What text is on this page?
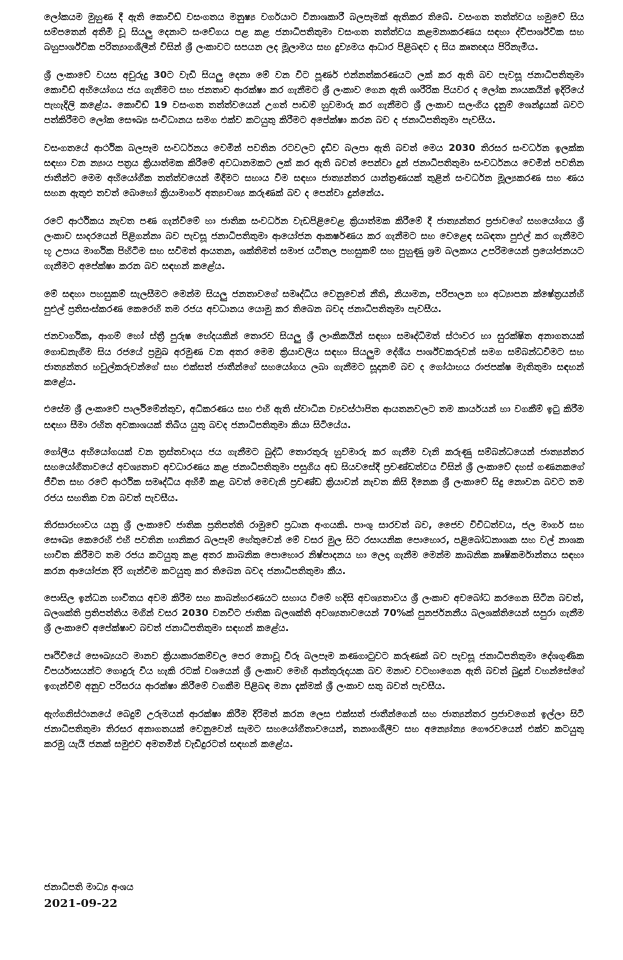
ලෝකයම මුහුණ දී ඇති කොවිඩ් වසංගතය මනුෂ්‍ය වර්ගයාට විනාශකාරී බලපෑමක් ඇතිකර තිබේ. වසංගත තත්ත්වය හමුවේ සිය සම්පතෙන් අතිමි වූ සියලු දෙනාට සංවේගය පළ කළ ජනාධිපතිතුමා වසංගත තත්ත්වය කළමනාකරණය සඳහා ද්විපාර්ශ්වික සහ බහුපාර්ශ්වික පරිත්‍යාගශීලීන් විසින් ශ්‍රී ලංකාවට සපයන ලද මූලාමය සහ දුව්‍යමය ආධාර පිළිබඳව ද සිය කෘතඥය පිරිනැමීය.

ශ්‍රී ලංකාවේ වයස අවුරුදු 30ට වැඩි සියලු දෙනා මේ වන විට පූර්ණ එන්නත්කරණයට ලක් කර ඇති බව පැවසූ ජනාධිපතිතුමා කොවිඩ් අභියෝගය ජය ගැනීමට සහ ජනතාව ආරක්ෂා කර ගැනීමට ශ්‍රී ලංකාව ගෙන ඇති ශාරීරික පියවර ද ලෝක නායකයින් ඉදිරියේ පැහැදිලි කළේය. කොවිඩ් 19 වසංගත තත්ත්වයෙන් උගත් පාඩම් හුවමාරු කර ගැනීමට ශ්‍රී ලංකාව සලංගිය දැනුම් ශෙන්ද්‍රයක් බවට පත්කිරීමට ලෝක සෞඛ්‍ය සංවිධානය සමග එක්ව කටයුතු කිරීමට අපේක්ෂා කරන බව ද ජනාධිපතිතුමා පැවසීය.

වසංගතයේ ආර්ථික බලපෑම සංවර්ධනය වෙමින් පවතින රටවලට දැඩිව බලපා ඇති බවත් මෙය 2030 තිරසර සංවර්ධන ඉලක්ක සඳහා වන න්‍යාය පත්‍රය ක්‍රියාත්මක කිරීමේ අවධානමකට ලක් කර ඇති බවත් පෙන්වා දුන් ජනාධිපතිතුමා සංවර්ධනය වෙමින් පවතින ජාතීන්ට මෙම අභියෝගීක තත්ත්වයෙන් මිදීමට සහාය වීම සඳහා ජාත්‍යන්තර යාන්ත්‍රණයක් තුළින් සංවර්ධන මූල්‍යකරණ සහ ණය සහන ඇතුළු තවත් බොහෝ ක්‍රියාමාර්ග අත්‍යාවශ්‍ය කරුණක් බව ද පෙන්වා දුන්නේය.

රටේ ආර්ථිකය නැවත පණ ගැන්වීමේ හා ජාතික සංවර්ධන වැඩපිළිවෙළ ක්‍රියාත්මක කිරීමේ දී ජාත්‍යන්තර ප්‍රජාවගේ සහයෝගය ශ්‍රී ලංකාව සාදරයෙන් පිළිගන්නා බව පැවසූ ජනාධිපතිතුමා ආයෝජන ආකර්ෂණය කර ගැනීමට සහ වෙළෙඳ සබඳතා පුළුල් කර ගැනීමට භූ උපාය මාර්ගික පිහිටීම සහ සවිමත් ආයතන, ශක්තිමත් සමාජ යටිතල පහසුකම් සහ පුහුණු ශ්‍රම බලකාය උපරිමයෙන් ප්‍රයෝජනයට ගැනීමට අපේක්ෂා කරන බව සඳහන් කළේය.

මේ සඳහා පහසුකම් සැලසීමට මෙන්ම සියලු ජනතාවගේ සමෘද්ධිය වෙනුවෙන් නීති, නියාමන, පරිපාලන හා අධ්‍යාපන ක්ෂේත්‍රයන්හි පුළුල් ප්‍රතිසංස්කරණ කෙරෙහි තම රජය අවධානය යොමු කර තිබෙන බවද ජනාධිපතිතුමා පැවසීය.

ජනවාර්ගික, ආගම් හෝ ස්ත්‍රී පුරුෂ භේදයකින් තොරව සියලු ශ්‍රී ලාංකිකයින් සඳහා සමෘද්ධිමත් ස්ථාවර හා සුරක්ෂිත අනාගතයක් ගොඩනැගීම සිය රජයේ ප්‍රමුඛ අරමුණ වන අතර මෙම ක්‍රියාවලිය සඳහා සියලුම දේශීය පාර්ශ්වකරුවන් සමග සම්බන්ධවීමට සහ ජාත්‍යන්තර හවුල්කරුවන්ගේ සහ එක්සත් ජාතීන්ගේ සහයෝගය ලබා ගැනීමට සූදානම් බව ද ගෝඨාභය රාජපක්ෂ මැතිතුමා සඳහන් කළේය.

එසේම ශ්‍රී ලංකාවේ පාර්ලිමේන්තුව, අධිකරණය සහ එහි ඇති ස්වාධීන ව්‍යවස්ථාපිත ආයතනවලට තම කාර්යයන් හා වගකීම් ඉටු කිරීම සඳහා සීමා රහිත අවකාශයක් තිබිය යුතු බවද ජනාධිපතිතුමා කියා සිටියේය.

ගෝලීය අභියෝගයක් වන ත්‍රස්තවාදය ජය ගැනීමට බුද්ධි තොරතුරු හුවමාරු කර ගැනීම වැනි කරුණු සම්බන්ධයෙන් ජාත්‍යන්තර සහයෝගීතාවයේ අවශ්‍යතාව අවධාරණය කළ ජනාධිපතිතුමා පසුගිය අඩ සියවසේදී ප්‍රචණ්ඩත්වය විසින් ශ්‍රී ලංකාවේ දහස් ගණනකගේ ජීවිත සහ රටේ ආර්ථික සමෘද්ධිය අහිමි කළ බවත් මෙවැනි ප්‍රචණ්ඩ ක්‍රියාවන් නැවත කිසි දිනෙක ශ්‍රී ලංකාවේ සිදු නොවන බවට තම රජය සහතික වන බවත් පැවසීය.

තිරසාරභාවය යනු ශ්‍රී ලංකාවේ ජාතික ප්‍රතිපත්ති රාමුවේ ප්‍රධාන අංගයකි. පාංශු සාරවත් බව, ජෛව විවිධත්වය, ජල මාර්ග සහ සෞඛ්‍ය කෙරෙහි එහි පවතින හානිකර බලපෑම් හේතුවෙන් මේ වසර මුල සිට රසායනික පොහොර, පළිබෝධනාශක සහ වල් නාශක භාවිත කිරීමට තම රජය කටයුතු කළ අතර කාබනික පොහොර නිෂ්පාදනය හා ලෙදා ගැනීම මෙන්ම කාබනික කෘෂිකර්මාන්තය සඳහා කරන ආයෝජන දිරි ගැන්වීම කටයුතු කර තිබෙන බවද ජනාධිපතිතුමා කීය.

පොසිල ඉන්ධන භාවිතය අවම කිරීම සහ කාබන්හරණයට සහාය වීමේ හදිසි අවශ්‍යතාවය ශ්‍රී ලංකාව අවබෝධ කරගෙන සිටින බවත්, බලශක්ති ප්‍රතිපත්තිය මගින් වසර 2030 වනවිට ජාතික බලශක්ති අවශ්‍යතාවයෙන් 70%ක් පුනර්ජනනීය බලශක්තියෙන් සපුරා ගැනීම ශ්‍රී ලංකාවේ අපේක්ෂාව බවත් ජනාධිපතිතුමා සඳහන් කළේය.

පෘථිවියේ සෞඛ්‍යයට මානව ක්‍රියාකාරකම්වල පෙර නොවූ විරූ බලපෑම කණගාටුවට කරුණක් බව පැවසූ ජනාධිපතිතුමා දේශගුණික විපර්යාසයන්ට ගොදුරු විය හැකි රටක් වශයෙන් ශ්‍රී ලංකාව මෙහි ආන්තුරුදායක බව මනාව වටහාගෙන ඇති බවත් බුදුන් වහන්සේගේ ඉගැන්වීම් අනුව පරිසරය ආරක්ෂා කිරීමේ වගකීම පිළිබඳ මනා දැක්මක් ශ්‍රී ලංකාව සතු බවත් පැවසීය.

ඇෆ්ගනිස්ථානයේ බෙදුම් උරුමයන් ආරක්ෂා කිරීම දිරිමත් කරන ලෙස එක්සත් ජාතීන්ගෙන් සහ ජාත්‍යන්තර ප්‍රජාවගෙන් ඉල්ලා සිටි ජනාධිපතිතුමා තිරසර අනාගතයක් වෙනුවෙන් සැමට සහයෝගීතාවයෙන්, තනාගශීලීව සහ අන්‍යෝන්‍ය ගෞරවයෙන් එක්ව කටයුතු කරමු යැයි ජනක් සමුළුව අමතමින් වැඩිදුරටත් සඳහන් කළේය.

ජනාධිපති මාධ්‍ය අංශය
2021-09-22
